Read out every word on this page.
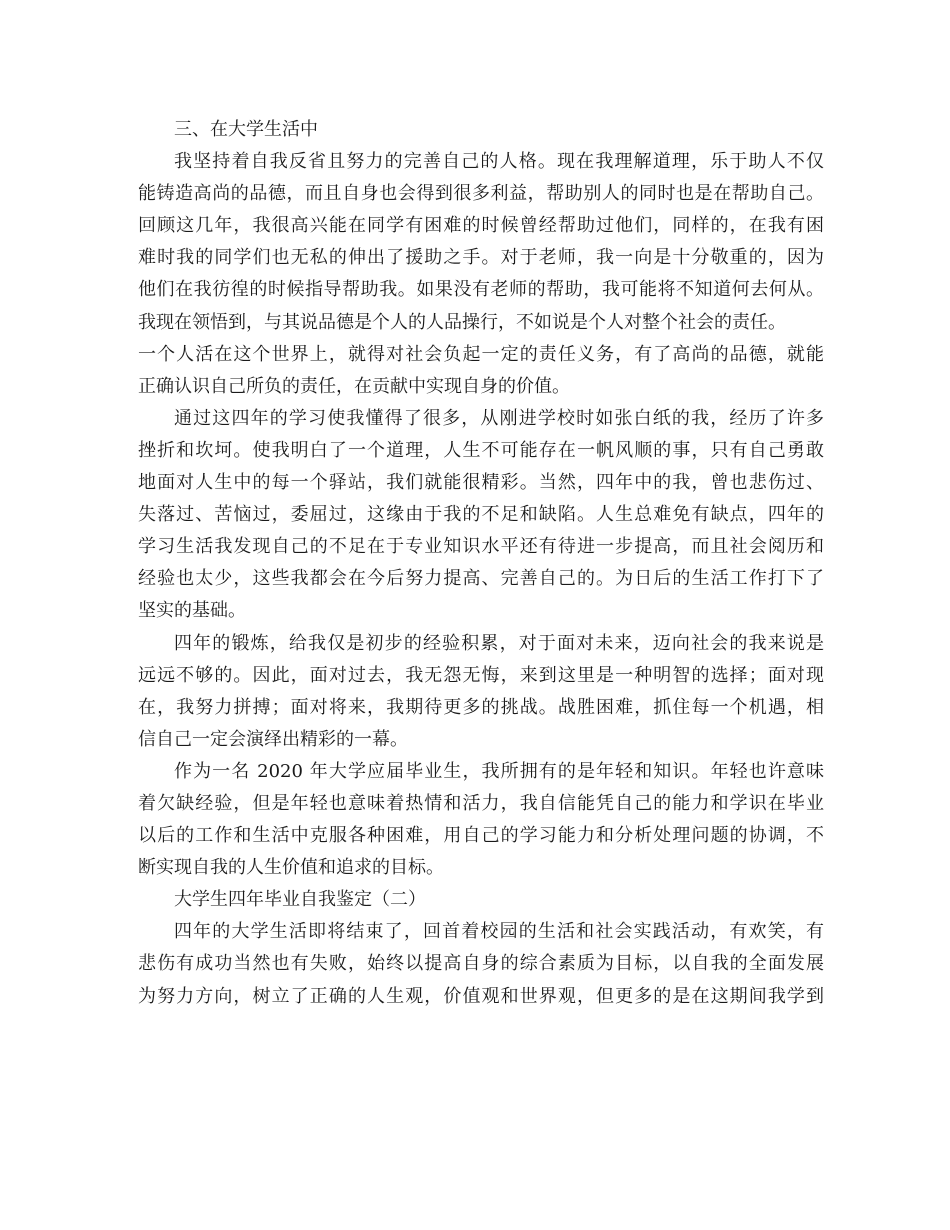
三、在大学生活中
我坚持着自我反省且努力的完善自己的人格。现在我理解道理，乐于助人不仅
能铸造高尚的品德，而且自身也会得到很多利益，帮助别人的同时也是在帮助自己。
回顾这几年，我很高兴能在同学有困难的时候曾经帮助过他们，同样的，在我有困
难时我的同学们也无私的伸出了援助之手。对于老师，我一向是十分敬重的，因为
他们在我彷徨的时候指导帮助我。如果没有老师的帮助，我可能将不知道何去何从。
我现在领悟到，与其说品德是个人的人品操行，不如说是个人对整个社会的责任。
一个人活在这个世界上，就得对社会负起一定的责任义务，有了高尚的品德，就能
正确认识自己所负的责任，在贡献中实现自身的价值。
通过这四年的学习使我懂得了很多，从刚进学校时如张白纸的我，经历了许多
挫折和坎坷。使我明白了一个道理，人生不可能存在一帆风顺的事，只有自己勇敢
地面对人生中的每一个驿站，我们就能很精彩。当然，四年中的我，曾也悲伤过、
失落过、苦恼过，委屈过，这缘由于我的不足和缺陷。人生总难免有缺点，四年的
学习生活我发现自己的不足在于专业知识水平还有待进一步提高，而且社会阅历和
经验也太少，这些我都会在今后努力提高、完善自己的。为日后的生活工作打下了
坚实的基础。
四年的锻炼，给我仅是初步的经验积累，对于面对未来，迈向社会的我来说是
远远不够的。因此，面对过去，我无怨无悔，来到这里是一种明智的选择；面对现
在，我努力拼搏；面对将来，我期待更多的挑战。战胜困难，抓住每一个机遇，相
信自己一定会演绎出精彩的一幕。
作为一名 2020 年大学应届毕业生，我所拥有的是年轻和知识。年轻也许意味
着欠缺经验，但是年轻也意味着热情和活力，我自信能凭自己的能力和学识在毕业
以后的工作和生活中克服各种困难，用自己的学习能力和分析处理问题的协调，不
断实现自我的人生价值和追求的目标。
大学生四年毕业自我鉴定（二）
四年的大学生活即将结束了，回首着校园的生活和社会实践活动，有欢笑，有
悲伤有成功当然也有失败，始终以提高自身的综合素质为目标，以自我的全面发展
为努力方向，树立了正确的人生观，价值观和世界观，但更多的是在这期间我学到
